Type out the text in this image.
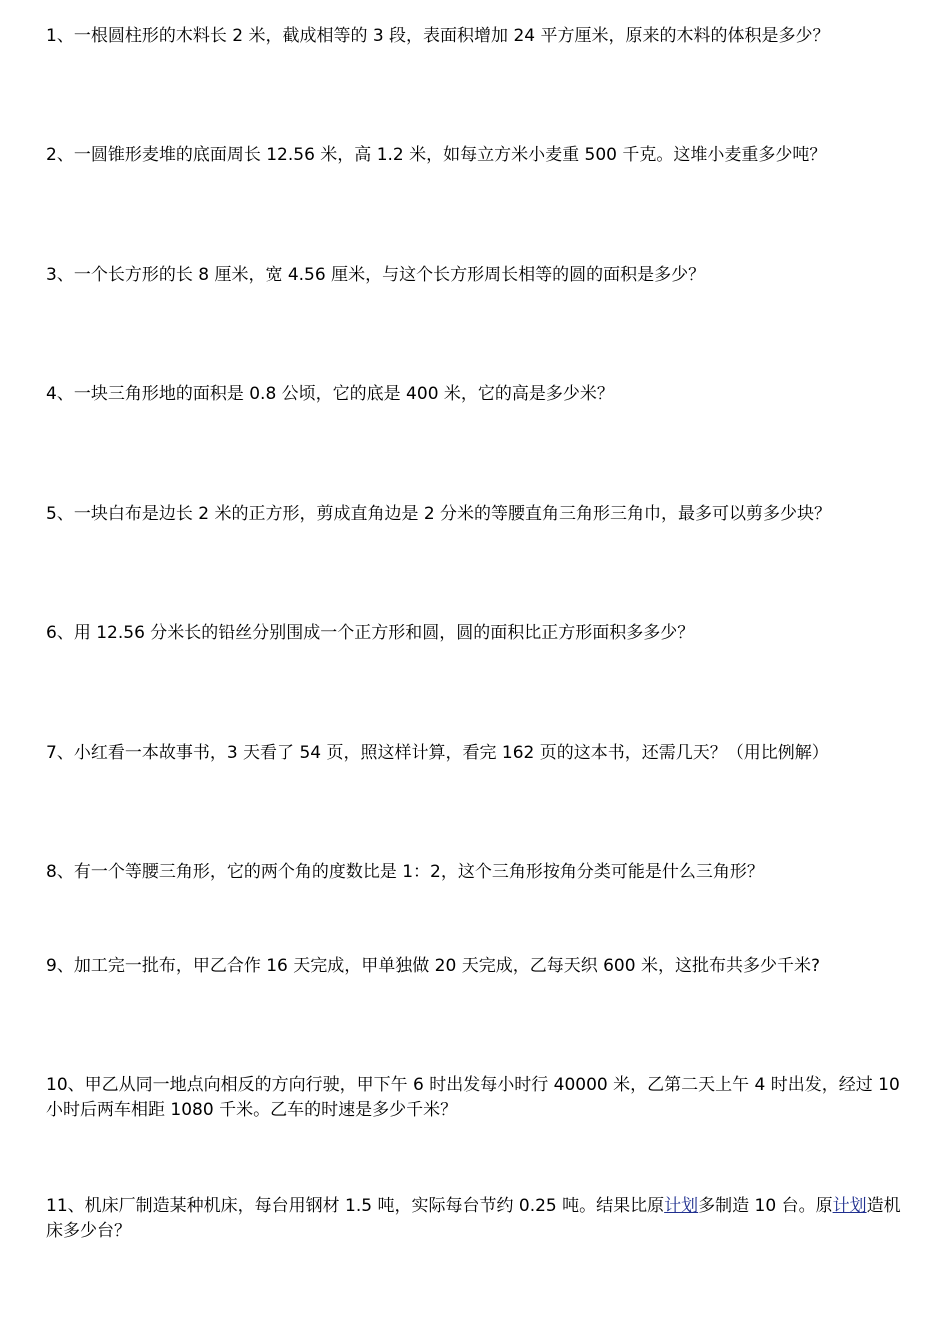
1、一根圆柱形的木料长 2 米，截成相等的 3 段，表面积增加 24 平方厘米，原来的木料的体积是多少？

2、一圆锥形麦堆的底面周长 12.56 米，高 1.2 米，如每立方米小麦重 500 千克。这堆小麦重多少吨？

3、一个长方形的长 8 厘米，宽 4.56 厘米，与这个长方形周长相等的圆的面积是多少？

4、一块三角形地的面积是 0.8 公顷，它的底是 400 米，它的高是多少米？

5、一块白布是边长 2 米的正方形，剪成直角边是 2 分米的等腰直角三角形三角巾，最多可以剪多少块？

6、用 12.56 分米长的铅丝分别围成一个正方形和圆，圆的面积比正方形面积多多少？

7、小红看一本故事书，3 天看了 54 页，照这样计算，看完 162 页的这本书，还需几天？（用比例解）

8、有一个等腰三角形，它的两个角的度数比是 1：2，这个三角形按角分类可能是什么三角形？

9、加工完一批布，甲乙合作 16 天完成，甲单独做 20 天完成，乙每天织 600 米，这批布共多少千米?

10、甲乙从同一地点向相反的方向行驶，甲下午 6 时出发每小时行 40000 米，乙第二天上午 4 时出发，经过 10 小时后两车相距 1080 千米。乙车的时速是多少千米？

11、机床厂制造某种机床，每台用钢材 1.5 吨，实际每台节约 0.25 吨。结果比原计划多制造 10 台。原计划造机床多少台？
